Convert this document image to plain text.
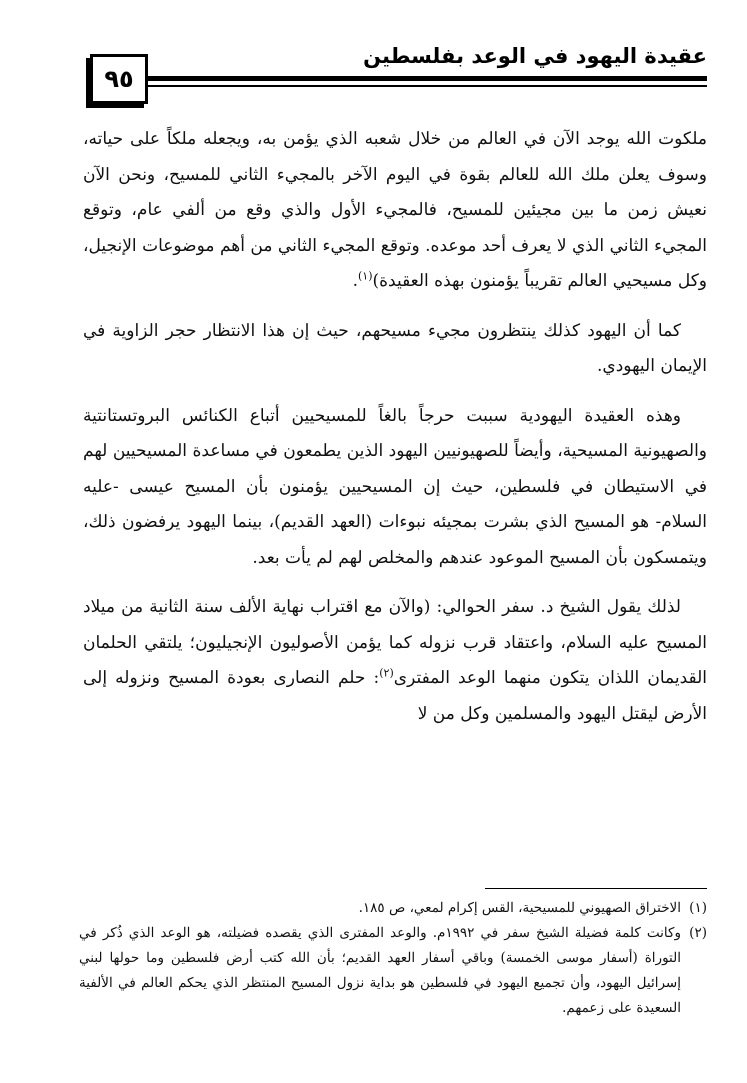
عقيدة اليهود في الوعد بفلسطين
٩٥

ملكوت الله يوجد الآن في العالم من خلال شعبه الذي يؤمن به، ويجعله ملكاً على حياته، وسوف يعلن ملك الله للعالم بقوة في اليوم الآخر بالمجيء الثاني للمسيح، ونحن الآن نعيش زمن ما بين مجيئين للمسيح، فالمجيء الأول والذي وقع من ألفي عام، وتوقع المجيء الثاني الذي لا يعرف أحد موعده. وتوقع المجيء الثاني من أهم موضوعات الإنجيل، وكل مسيحيي العالم تقريباً يؤمنون بهذه العقيدة)$^{(١)}$.

كما أن اليهود كذلك ينتظرون مجيء مسيحهم، حيث إن هذا الانتظار حجر الزاوية في الإيمان اليهودي.

وهذه العقيدة اليهودية سببت حرجاً بالغاً للمسيحيين أتباع الكنائس البروتستانتية والصهيونية المسيحية، وأيضاً للصهيونيين اليهود الذين يطمعون في مساعدة المسيحيين لهم في الاستيطان في فلسطين، حيث إن المسيحيين يؤمنون بأن المسيح عيسى -عليه السلام- هو المسيح الذي بشرت بمجيئه نبوءات (العهد القديم)، بينما اليهود يرفضون ذلك، ويتمسكون بأن المسيح الموعود عندهم والمخلص لهم لم يأت بعد.

لذلك يقول الشيخ د. سفر الحوالي: (والآن مع اقتراب نهاية الألف سنة الثانية من ميلاد المسيح عليه السلام، واعتقاد قرب نزوله كما يؤمن الأصوليون الإنجيليون؛ يلتقي الحلمان القديمان اللذان يتكون منهما الوعد المفترى$^{(٢)}$: حلم النصارى بعودة المسيح ونزوله إلى الأرض ليقتل اليهود والمسلمين وكل من لا

(١)
الاختراق الصهيوني للمسيحية، القس إكرام لمعي، ص ١٨٥.

(٢)
وكانت كلمة فضيلة الشيخ سفر في ١٩٩٢م. والوعد المفترى الذي يقصده فضيلته، هو الوعد الذي ذُكر في التوراة (أسفار موسى الخمسة) وباقي أسفار العهد القديم؛ بأن الله كتب أرض فلسطين وما حولها لبني إسرائيل اليهود، وأن تجميع اليهود في فلسطين هو بداية نزول المسيح المنتظر الذي يحكم العالم في الألفية السعيدة على زعمهم.
